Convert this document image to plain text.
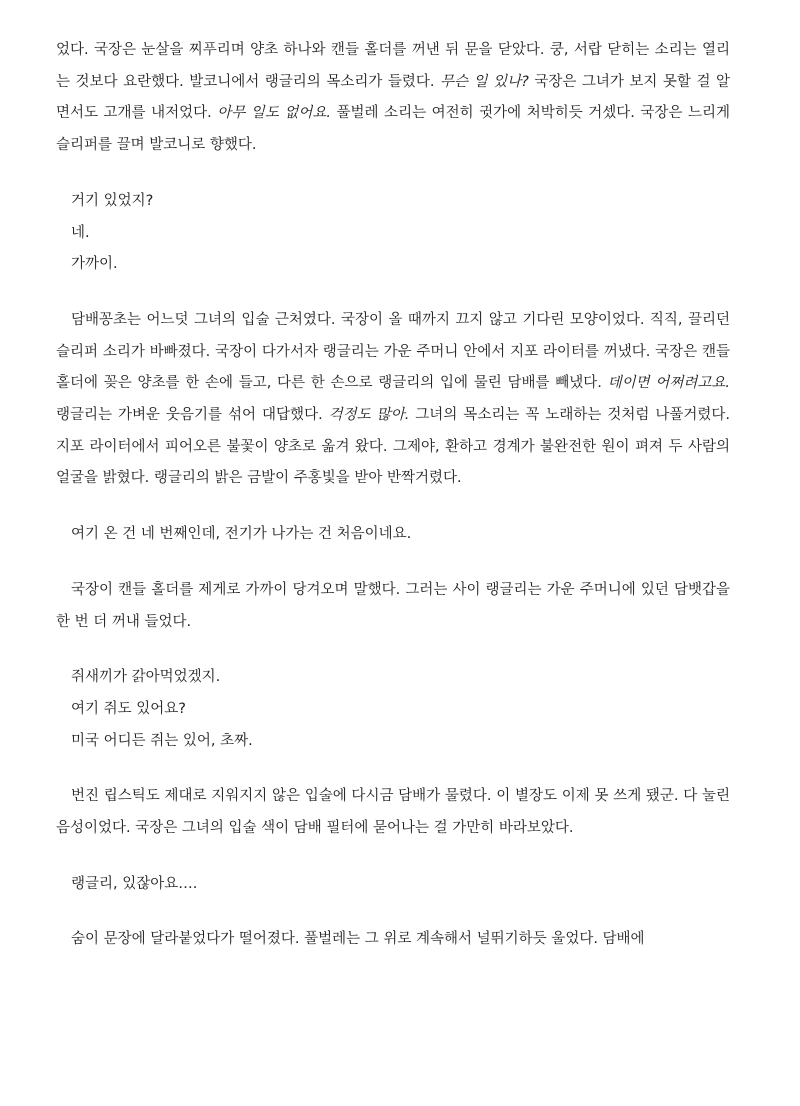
었다. 국장은 눈살을 찌푸리며 양초 하나와 캔들 홀더를 꺼낸 뒤 문을 닫았다. 쿵, 서랍 닫히는 소리는 열리는 것보다 요란했다. 발코니에서 랭글리의 목소리가 들렸다. 무슨 일 있나? 국장은 그녀가 보지 못할 걸 알면서도 고개를 내저었다. 아무 일도 없어요. 풀벌레 소리는 여전히 귓가에 처박히듯 거셌다. 국장은 느리게 슬리퍼를 끌며 발코니로 향했다.

거기 있었지?
네.
가까이.

담배꽁초는 어느덧 그녀의 입술 근처였다. 국장이 올 때까지 끄지 않고 기다린 모양이었다. 직직, 끌리던 슬리퍼 소리가 바빠졌다. 국장이 다가서자 랭글리는 가운 주머니 안에서 지포 라이터를 꺼냈다. 국장은 캔들 홀더에 꽂은 양초를 한 손에 들고, 다른 한 손으로 랭글리의 입에 물린 담배를 빼냈다. 데이면 어쩌려고요. 랭글리는 가벼운 웃음기를 섞어 대답했다. 걱정도 많아. 그녀의 목소리는 꼭 노래하는 것처럼 나풀거렸다. 지포 라이터에서 피어오른 불꽃이 양초로 옮겨 왔다. 그제야, 환하고 경계가 불완전한 원이 펴져 두 사람의 얼굴을 밝혔다. 랭글리의 밝은 금발이 주홍빛을 받아 반짝거렸다.

여기 온 건 네 번째인데, 전기가 나가는 건 처음이네요.

국장이 캔들 홀더를 제게로 가까이 당겨오며 말했다. 그러는 사이 랭글리는 가운 주머니에 있던 담뱃갑을 한 번 더 꺼내 들었다.

쥐새끼가 갉아먹었겠지.
여기 쥐도 있어요?
미국 어디든 쥐는 있어, 초짜.

번진 립스틱도 제대로 지워지지 않은 입술에 다시금 담배가 물렸다. 이 별장도 이제 못 쓰게 됐군. 다 눌린 음성이었다. 국장은 그녀의 입술 색이 담배 필터에 묻어나는 걸 가만히 바라보았다.

랭글리, 있잖아요….

숨이 문장에 달라붙었다가 떨어졌다. 풀벌레는 그 위로 계속해서 널뛰기하듯 울었다. 담배에
